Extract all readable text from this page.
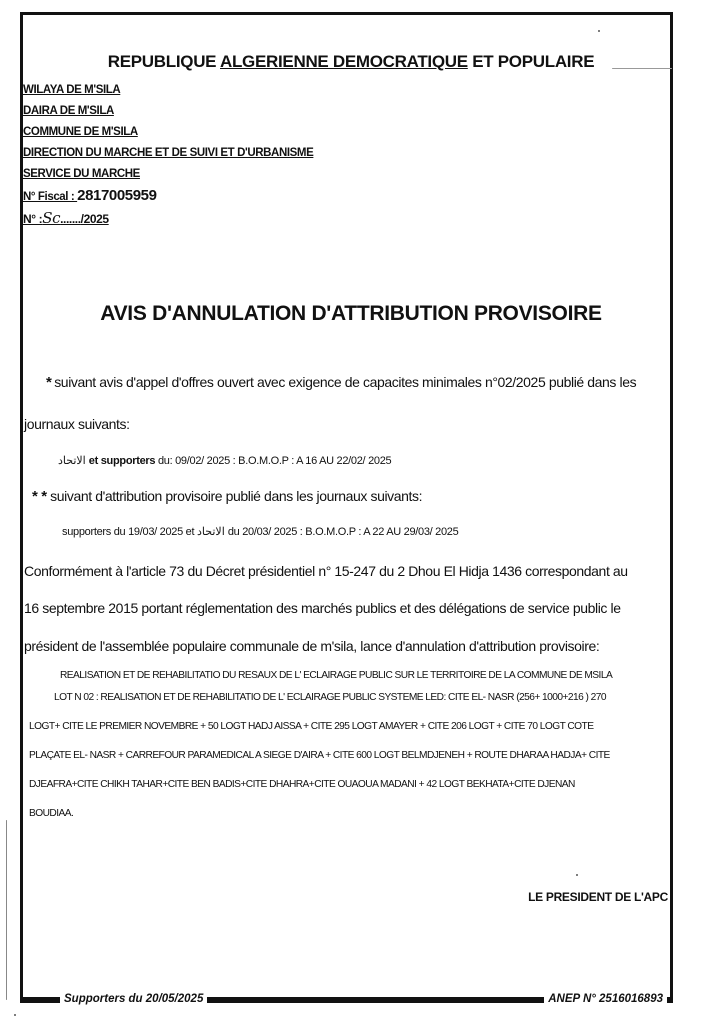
REPUBLIQUE ALGERIENNE DEMOCRATIQUE ET POPULAIRE
WILAYA DE M'SILA
DAIRA DE M'SILA
COMMUNE DE M'SILA
DIRECTION DU MARCHE ET DE SUIVI ET D'URBANISME
SERVICE DU MARCHE
N° Fiscal : 2817005959
N° :Sc......./2025
AVIS D'ANNULATION D'ATTRIBUTION PROVISOIRE
* suivant avis d'appel d'offres ouvert avec exigence de capacites minimales n°02/2025 publié dans les
journaux suivants:
الاتحاد et supporters du: 09/02/ 2025 : B.O.M.O.P : A 16 AU 22/02/ 2025
* * suivant d'attribution provisoire publié dans les journaux suivants:
supporters du 19/03/ 2025 et الاتحاد du 20/03/ 2025 : B.O.M.O.P : A 22 AU 29/03/ 2025
Conformément à l'article 73 du Décret présidentiel n° 15-247 du 2 Dhou El Hidja 1436 correspondant au
16 septembre 2015 portant réglementation des marchés publics et des délégations de service public le
président de l'assemblée populaire communale de m'sila, lance d'annulation d'attribution provisoire:
REALISATION ET DE REHABILITATIO DU RESAUX DE L' ECLAIRAGE PUBLIC SUR LE TERRITOIRE DE LA COMMUNE DE MSILA
LOT N 02 : REALISATION ET DE REHABILITATIO DE L' ECLAIRAGE PUBLIC SYSTEME LED: CITE EL- NASR (256+ 1000+216 ) 270
LOGT+ CITE LE PREMIER NOVEMBRE + 50 LOGT HADJ AISSA + CITE 295 LOGT AMAYER + CITE 206 LOGT + CITE 70 LOGT COTE
PLAÇATE EL- NASR + CARREFOUR PARAMEDICAL A SIEGE D'AIRA + CITE 600 LOGT BELMDJENEH + ROUTE DHARAA HADJA+ CITE
DJEAFRA+CITE CHIKH TAHAR+CITE BEN BADIS+CITE DHAHRA+CITE OUAOUA MADANI + 42 LOGT BEKHATA+CITE DJENAN
BOUDIAA.
LE PRESIDENT DE L'APC
Supporters du 20/05/2025	ANEP N° 2516016893
